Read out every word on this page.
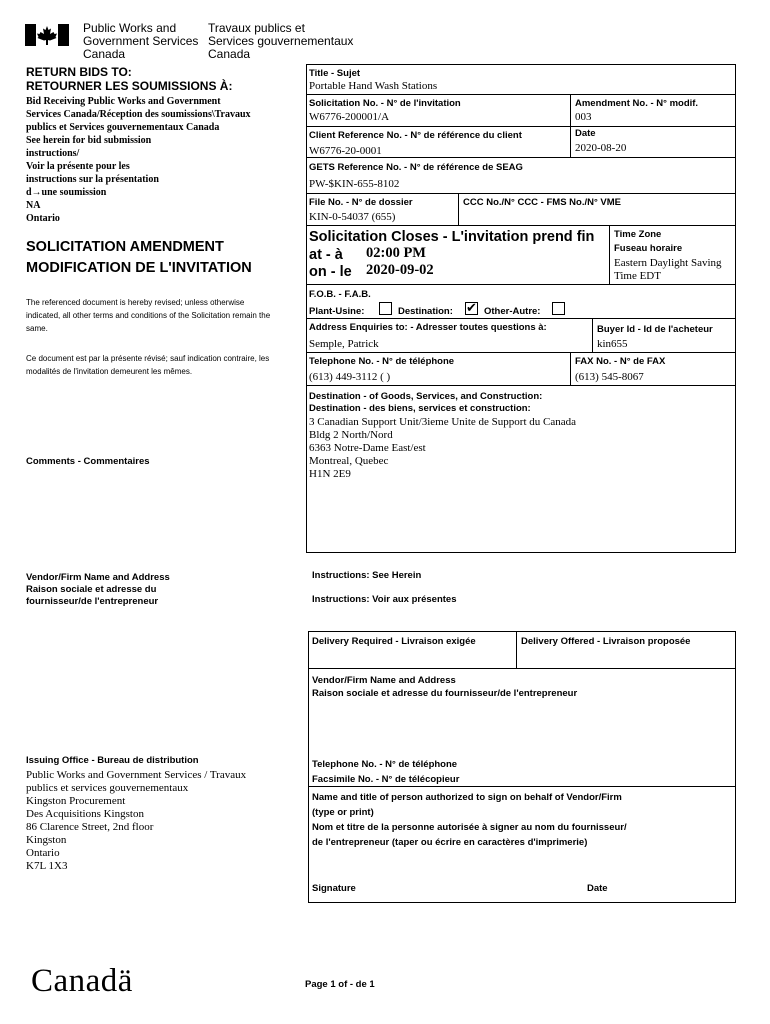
Public Works and
Government Services
Canada
Travaux publics et
Services gouvernementaux
Canada
RETURN BIDS TO:
RETOURNER LES SOUMISSIONS À:
Bid Receiving Public Works and Government
Services Canada/Réception des soumissions\Travaux
publics et Services gouvernementaux Canada
See herein for bid submission
instructions/
Voir la présente pour les
instructions sur la présentation
d→une soumission
NA
Ontario
SOLICITATION AMENDMENT
MODIFICATION DE L'INVITATION
The referenced document is hereby revised; unless otherwise indicated, all other terms and conditions of the Solicitation remain the same.
Ce document est par la présente révisé; sauf indication contraire, les modalités de l'invitation demeurent les mêmes.
Comments - Commentaires
Vendor/Firm Name and Address
Raison sociale et adresse du
fournisseur/de l'entrepreneur
Issuing Office - Bureau de distribution
Public Works and Government Services / Travaux
publics et services gouvernementaux
Kingston Procurement
Des Acquisitions Kingston
86 Clarence Street, 2nd floor
Kingston
Ontario
K7L 1X3
Title - Sujet
Portable Hand Wash Stations
Solicitation No. - N° de l'invitation
W6776-200001/A
Amendment No. - N° modif.
003
Client Reference No. - N° de référence du client
W6776-20-0001
Date
2020-08-20
GETS Reference No. - N° de référence de SEAG
PW-$KIN-655-8102
File No. - N° de dossier
KIN-0-54037 (655)
CCC No./N° CCC - FMS No./N° VME
Solicitation Closes - L'invitation prend fin
at - à 02:00 PM
on - le 2020-09-02
Time Zone
Fuseau horaire
Eastern Daylight Saving
Time EDT
F.O.B. - F.A.B.
Plant-Usine:	Destination: ✔ Other-Autre:
Address Enquiries to: - Adresser toutes questions à:
Semple, Patrick
Buyer Id - Id de l'acheteur
kin655
Telephone No. - N° de téléphone
(613) 449-3112 ( )
FAX No. - N° de FAX
(613) 545-8067
Destination - of Goods, Services, and Construction:
Destination - des biens, services et construction:
3 Canadian Support Unit/3ieme Unite de Support du Canada
Bldg 2 North/Nord
6363 Notre-Dame East/est
Montreal, Quebec
H1N 2E9
Instructions: See Herein
Instructions: Voir aux présentes
Delivery Required - Livraison exigée	Delivery Offered - Livraison proposée
Vendor/Firm Name and Address
Raison sociale et adresse du fournisseur/de l'entrepreneur
Telephone No. - N° de téléphone
Facsimile No. - N° de télécopieur
Name and title of person authorized to sign on behalf of Vendor/Firm
(type or print)
Nom et titre de la personne autorisée à signer au nom du fournisseur/
de l'entrepreneur (taper ou écrire en caractères d'imprimerie)
Signature	Date
Canadä	Page 1 of - de 1
